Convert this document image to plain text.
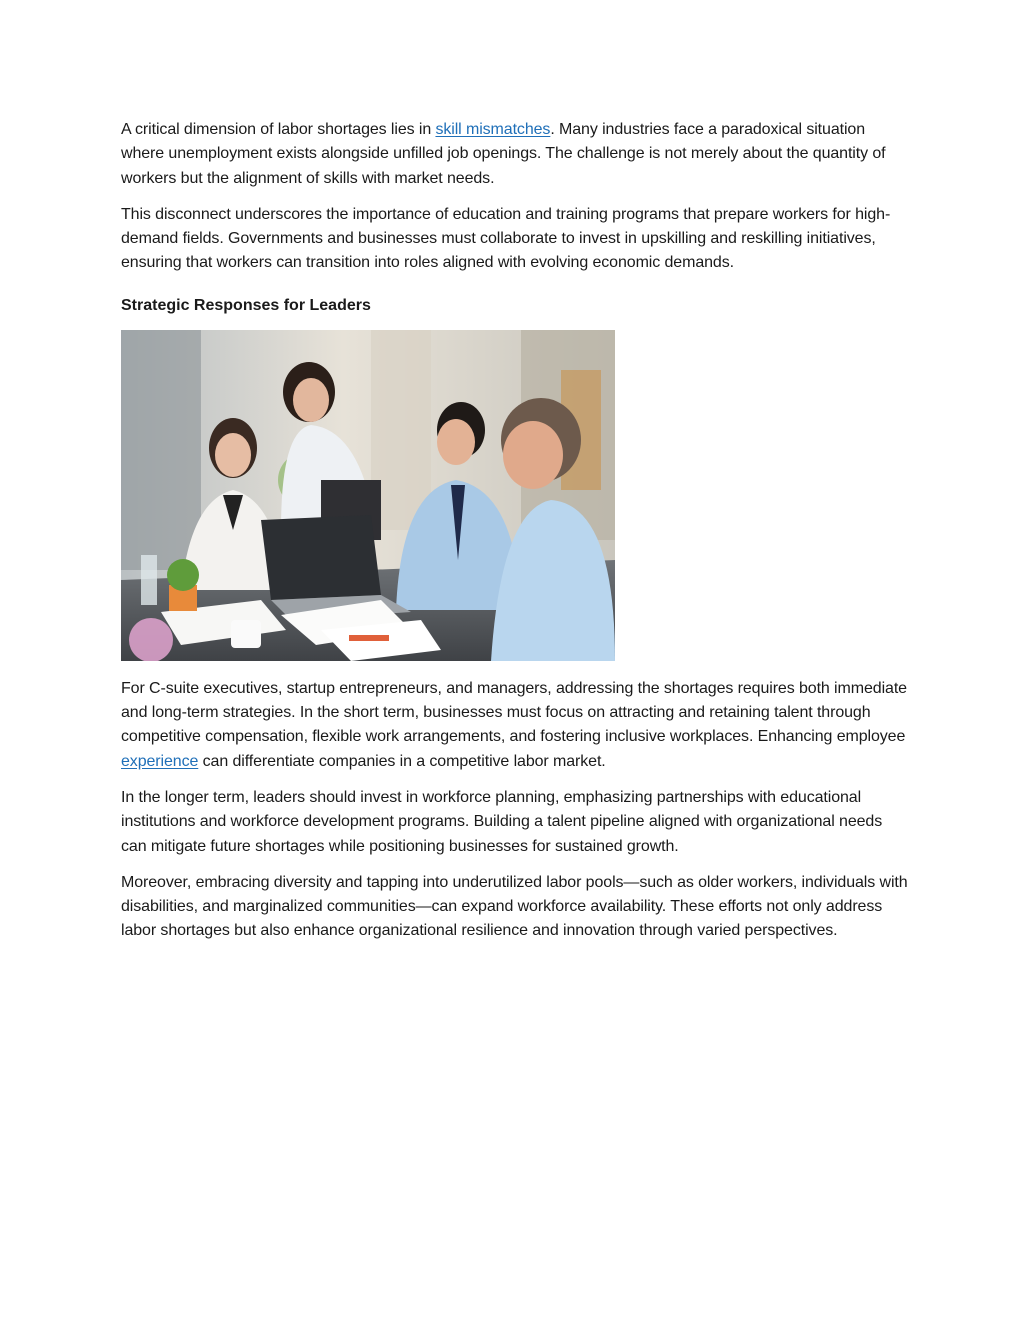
A critical dimension of labor shortages lies in skill mismatches. Many industries face a paradoxical situation where unemployment exists alongside unfilled job openings. The challenge is not merely about the quantity of workers but the alignment of skills with market needs.

This disconnect underscores the importance of education and training programs that prepare workers for high-demand fields. Governments and businesses must collaborate to invest in upskilling and reskilling initiatives, ensuring that workers can transition into roles aligned with evolving economic demands.

Strategic Responses for Leaders

For C-suite executives, startup entrepreneurs, and managers, addressing the shortages requires both immediate and long-term strategies. In the short term, businesses must focus on attracting and retaining talent through competitive compensation, flexible work arrangements, and fostering inclusive workplaces. Enhancing employee experience can differentiate companies in a competitive labor market.

In the longer term, leaders should invest in workforce planning, emphasizing partnerships with educational institutions and workforce development programs. Building a talent pipeline aligned with organizational needs can mitigate future shortages while positioning businesses for sustained growth.

Moreover, embracing diversity and tapping into underutilized labor pools—such as older workers, individuals with disabilities, and marginalized communities—can expand workforce availability. These efforts not only address labor shortages but also enhance organizational resilience and innovation through varied perspectives.
